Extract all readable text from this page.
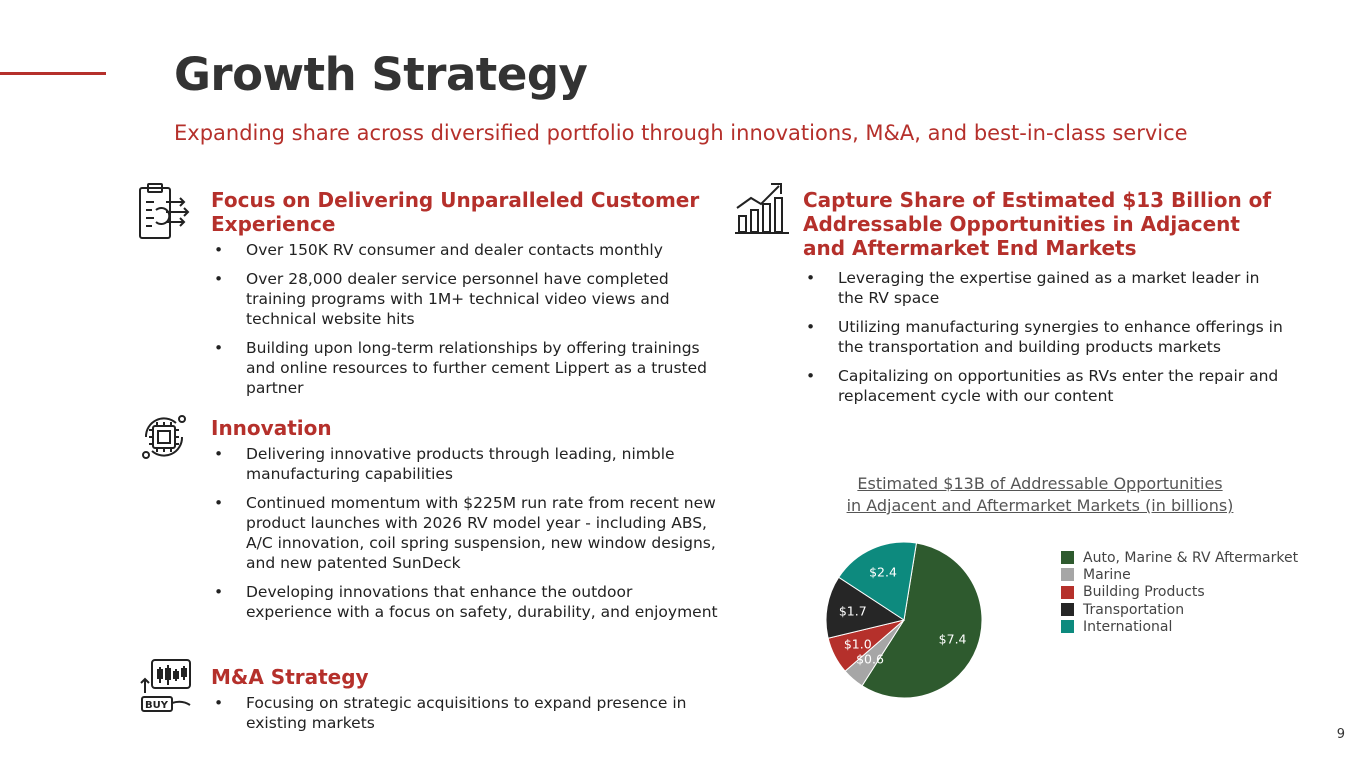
Growth Strategy

Expanding share across diversified portfolio through innovations, M&A, and best-in-class service

Focus on Delivering Unparalleled Customer Experience
• Over 150K RV consumer and dealer contacts monthly
• Over 28,000 dealer service personnel have completed training programs with 1M+ technical video views and technical website hits
• Building upon long-term relationships by offering trainings and online resources to further cement Lippert as a trusted partner
Innovation
• Delivering innovative products through leading, nimble manufacturing capabilities
• Continued momentum with $225M run rate from recent new product launches with 2026 RV model year - including ABS, A/C innovation, coil spring suspension, new window designs, and new patented SunDeck
• Developing innovations that enhance the outdoor experience with a focus on safety, durability, and enjoyment
BUY
M&A Strategy
• Focusing on strategic acquisitions to expand presence in existing markets
Capture Share of Estimated $13 Billion of Addressable Opportunities in Adjacent and Aftermarket End Markets
• Leveraging the expertise gained as a market leader in the RV space
• Utilizing manufacturing synergies to enhance offerings in the transportation and building products markets
• Capitalizing on opportunities as RVs enter the repair and replacement cycle with our content

Estimated $13B of Addressable Opportunities
in Adjacent and Aftermarket Markets (in billions)

$7.4
$0.6
$1.0
$1.7
$2.4
Auto, Marine & RV Aftermarket
Marine
Building Products
Transportation
International
9
